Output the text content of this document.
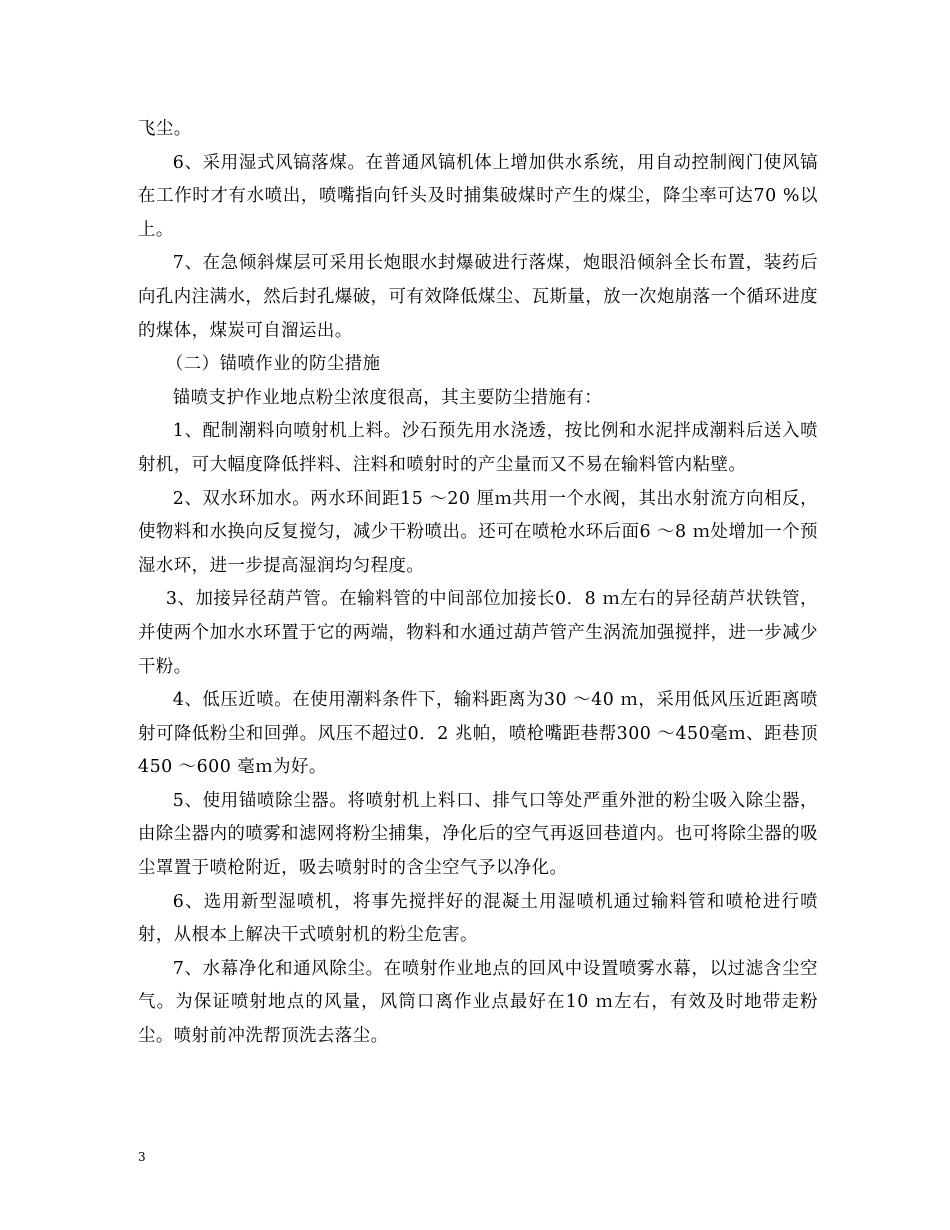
飞尘。

6、采用湿式风镐落煤。在普通风镐机体上增加供水系统，用自动控制阀门使风镐在工作时才有水喷出，喷嘴指向钎头及时捕集破煤时产生的煤尘，降尘率可达70 %以上。

7、在急倾斜煤层可采用长炮眼水封爆破进行落煤，炮眼沿倾斜全长布置，装药后向孔内注满水，然后封孔爆破，可有效降低煤尘、瓦斯量，放一次炮崩落一个循环进度的煤体，煤炭可自溜运出。

（二）锚喷作业的防尘措施

锚喷支护作业地点粉尘浓度很高，其主要防尘措施有：

1、配制潮料向喷射机上料。沙石预先用水浇透，按比例和水泥拌成潮料后送入喷射机，可大幅度降低拌料、注料和喷射时的产尘量而又不易在输料管内粘壁。

2、双水环加水。两水环间距15 ～20 厘ｍ共用一个水阀，其出水射流方向相反，使物料和水换向反复搅匀，减少干粉喷出。还可在喷枪水环后面6 ～8 ｍ处增加一个预湿水环，进一步提高湿润均匀程度。

3、加接异径葫芦管。在输料管的中间部位加接长0．8 ｍ左右的异径葫芦状铁管，并使两个加水水环置于它的两端，物料和水通过葫芦管产生涡流加强搅拌，进一步减少干粉。

4、低压近喷。在使用潮料条件下，输料距离为30 ～40 ｍ，采用低风压近距离喷射可降低粉尘和回弹。风压不超过0．2 兆帕，喷枪嘴距巷帮300 ～450毫ｍ、距巷顶450 ～600 毫ｍ为好。

5、使用锚喷除尘器。将喷射机上料口、排气口等处严重外泄的粉尘吸入除尘器，由除尘器内的喷雾和滤网将粉尘捕集，净化后的空气再返回巷道内。也可将除尘器的吸尘罩置于喷枪附近，吸去喷射时的含尘空气予以净化。

6、选用新型湿喷机，将事先搅拌好的混凝土用湿喷机通过输料管和喷枪进行喷射，从根本上解决干式喷射机的粉尘危害。

7、水幕净化和通风除尘。在喷射作业地点的回风中设置喷雾水幕，以过滤含尘空气。为保证喷射地点的风量，风筒口离作业点最好在10 ｍ左右，有效及时地带走粉尘。喷射前冲洗帮顶洗去落尘。

3
